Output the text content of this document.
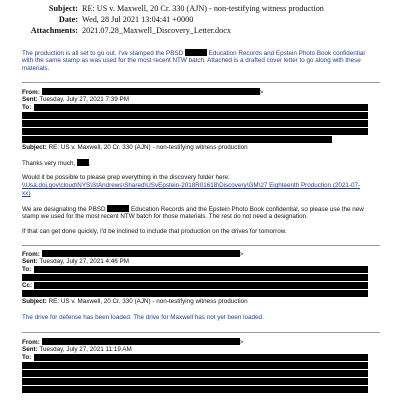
Subject: RE: US v. Maxwell, 20 Cr. 330 (AJN) - non-testifying witness production
Date: Wed, 28 Jul 2021 13:04:41 +0000
Attachments: 2021.07.28_Maxwell_Discovery_Letter.docx
The production is all set to go out. I've stamped the PBSD	Education Records and Epstein Photo Book confidential
with the same stamp as was used for the most recent NTW batch. Attached is a drafted cover letter to go along with these
materials.
From:	>
Sent: Tuesday, July 27, 2021 7:39 PM
To:
Subject: RE: US v. Maxwell, 20 Cr. 330 (AJN) - non-testifying witness production
Thanks very much, .
Would it be possible to please prep everything in the discovery folder here:
\\Usa.doj.gov\cloud\NYS\StAndrews\Shared\USvEpstein-2018R01618\Discovery\GM\27 Eighteenth Production (2021-07-
xx)
We are designating the PBSD	Education Records and the Epstein Photo Book confidential, so please use the new
stamp we used for the most recent NTW batch for those materials. The rest do not need a designation.
If that can get done quickly, I'd be inclined to include that production on the drives for tomorrow.
From:	>
Sent: Tuesday, July 27, 2021 4:46 PM
To:
Cc:
Subject: RE: US v. Maxwell, 20 Cr. 330 (AJN) - non-testifying witness production
The drive for defense has been loaded. The drive for Maxwell has not yet been loaded.
From:	>
Sent: Tuesday, July 27, 2021 11:19 AM
To:
